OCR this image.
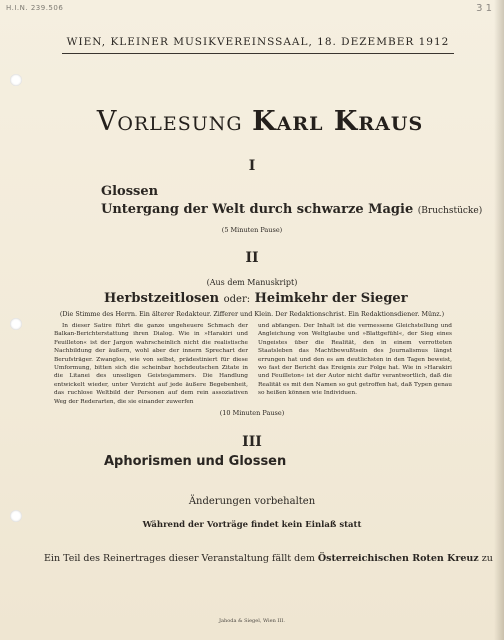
H.I.N. 239.506	3 1
WIEN, KLEINER MUSIKVEREINSSAAL, 18. DEZEMBER 1912
Vorlesung Karl Kraus
I
Glossen
Untergang der Welt durch schwarze Magie (Bruchstücke)
(5 Minuten Pause)
II
(Aus dem Manuskript)
Herbstzeitlosen oder: Heimkehr der Sieger
(Die Stimme des Herrn. Ein älterer Redakteur. Zifferer und Klein. Der Redaktionschrist. Ein Redaktionsdiener. Münz.)
In dieser Satire führt die ganze ungeheuere Schmach der Balkan-Berichterstattung ihren Dialog. Wie in »Harakiri und Feuilleton« ist der Jargon wahrscheinlich nicht die realistische Nachbildung der äußern, wohl aber der innern Sprechart der Berufsträger. Zwanglos, wie von selbst, prädestiniert für diese Umformung, bitten sich die scheinbar hochdeutschen Zitate in die Litanei des unseligen Geistesjammers. Die Handlung entwickelt wieder, unter Verzicht auf jede äußere Begebenheit, das ruchlose Weltbild der Personen auf dem rein assoziativen Weg der Rederarten, die sie einander zuwerfen
und abfangen. Der Inhalt ist die vermessene Gleichstellung und Angleichung von Weltglaube und »Blattgefühl«, der Sieg eines Ungeistes über die Realität, den in einem verrotteten Staatsleben das Machtbewußtsein des Journalismus längst errungen hat und den es am deutlichsten in den Tagen beweist, wo fast der Bericht das Ereignis zur Folge hat. Wie in »Harakiri und Feuilleton« ist der Autor nicht dafür verantwortlich, daß die Realität es mit den Namen so gut getroffen hat, daß Typen genau so heißen können wie Individuen.
(10 Minuten Pause)
III
Aphorismen und Glossen
Änderungen vorbehalten
Während der Vorträge findet kein Einlaß statt
Ein Teil des Reinertrages dieser Veranstaltung fällt dem Österreichischen Roten Kreuz zu
Jahoda & Siegel, Wien III.
